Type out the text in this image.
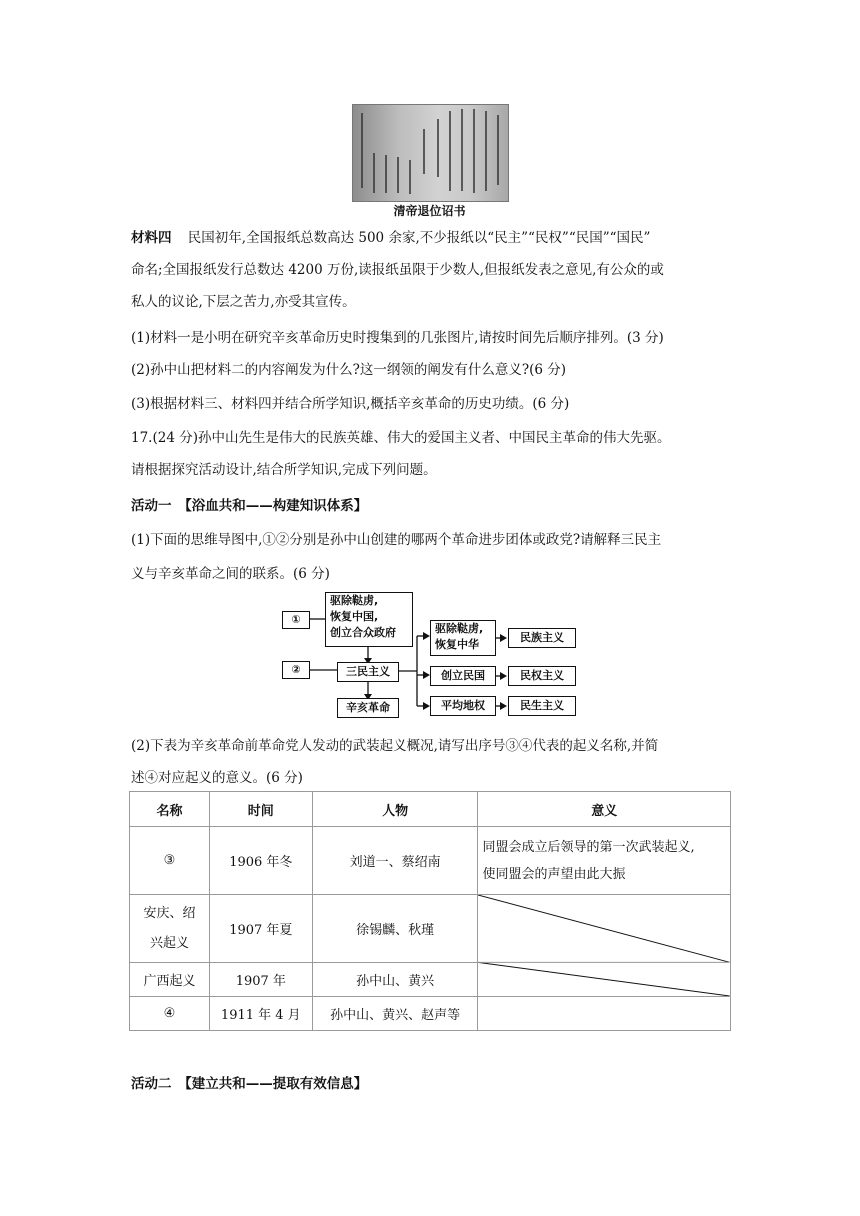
清帝退位诏书
材料四 民国初年,全国报纸总数高达 500 余家,不少报纸以“民主”“民权”“民国”“国民”
命名;全国报纸发行总数达 4200 万份,读报纸虽限于少数人,但报纸发表之意见,有公众的或
私人的议论,下层之苦力,亦受其宣传。
(1)材料一是小明在研究辛亥革命历史时搜集到的几张图片,请按时间先后顺序排列。(3 分)
(2)孙中山把材料二的内容阐发为什么?这一纲领的阐发有什么意义?(6 分)
(3)根据材料三、材料四并结合所学知识,概括辛亥革命的历史功绩。(6 分)
17.(24 分)孙中山先生是伟大的民族英雄、伟大的爱国主义者、中国民主革命的伟大先驱。
请根据探究活动设计,结合所学知识,完成下列问题。
活动一　【浴血共和——构建知识体系】
(1)下面的思维导图中,①②分别是孙中山创建的哪两个革命进步团体或政党?请解释三民主
义与辛亥革命之间的联系。(6 分)
①
②
驱除鞑虏,
恢复中国,
创立合众政府
三民主义
辛亥革命
驱除鞑虏,
恢复中华
创立民国
平均地权
民族主义
民权主义
民生主义
(2)下表为辛亥革命前革命党人发动的武装起义概况,请写出序号③④代表的起义名称,并简
述④对应起义的意义。(6 分)
名称	时间	人物	意义
③	1906 年冬	刘道一、蔡绍南	同盟会成立后领导的第一次武装起义,
使同盟会的声望由此大振

安庆、绍
兴起义	1907 年夏	徐锡麟、秋瑾	

广西起义	1907 年	孙中山、黄兴	
④	1911 年 4 月	孙中山、黄兴、赵声等	
活动二　【建立共和——提取有效信息】
